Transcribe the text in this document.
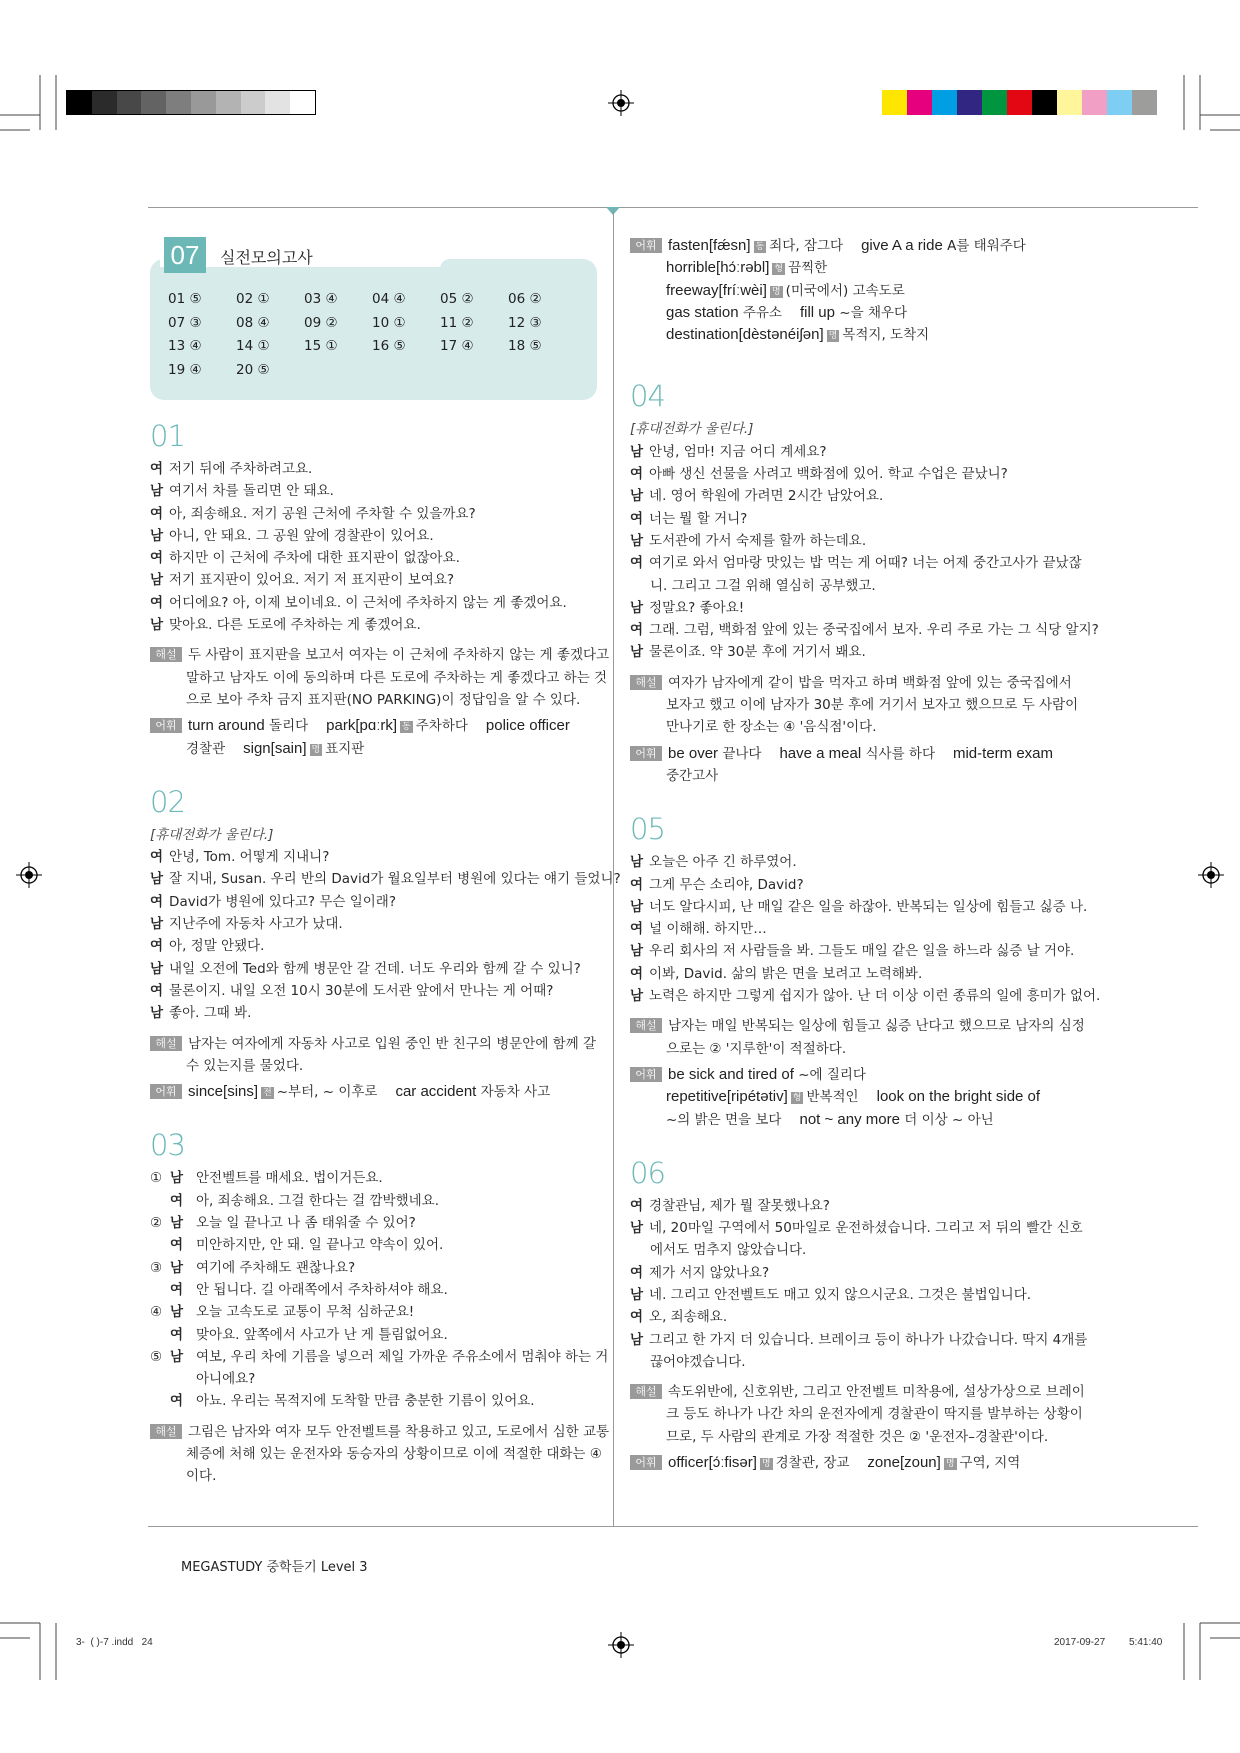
07	실전모의고사
01 ⑤	02 ①	03 ④	04 ④	05 ②	06 ②
07 ③	08 ④	09 ②	10 ①	11 ②	12 ③
13 ④	14 ①	15 ①	16 ⑤	17 ④	18 ⑤
19 ④	20 ⑤
01
여 저기 뒤에 주차하려고요.
남 여기서 차를 돌리면 안 돼요.
여 아, 죄송해요. 저기 공원 근처에 주차할 수 있을까요?
남 아니, 안 돼요. 그 공원 앞에 경찰관이 있어요.
여 하지만 이 근처에 주차에 대한 표지판이 없잖아요.
남 저기 표지판이 있어요. 저기 저 표지판이 보여요?
여 어디에요? 아, 이제 보이네요. 이 근처에 주차하지 않는 게 좋겠어요.
남 맞아요. 다른 도로에 주차하는 게 좋겠어요.
해설 두 사람이 표지판을 보고서 여자는 이 근처에 주차하지 않는 게 좋겠다고
말하고 남자도 이에 동의하며 다른 도로에 주차하는 게 좋겠다고 하는 것
으로 보아 주차 금지 표지판(NO PARKING)이 정답임을 알 수 있다.
어휘 turn around 돌리다 park[pɑːrk] 동 주차하다 police officer
경찰관 sign[sain] 명 표지판
02
[휴대전화가 울린다.]
여 안녕, Tom. 어떻게 지내니?
남 잘 지내, Susan. 우리 반의 David가 월요일부터 병원에 있다는 얘기 들었니?
여 David가 병원에 있다고? 무슨 일이래?
남 지난주에 자동차 사고가 났대.
여 아, 정말 안됐다.
남 내일 오전에 Ted와 함께 병문안 갈 건데. 너도 우리와 함께 갈 수 있니?
여 물론이지. 내일 오전 10시 30분에 도서관 앞에서 만나는 게 어때?
남 좋아. 그때 봐.
해설 남자는 여자에게 자동차 사고로 입원 중인 반 친구의 병문안에 함께 갈
수 있는지를 물었다.
어휘 since[sins] 전 ~부터, ~ 이후로 car accident 자동차 사고
03
① 남 안전벨트를 매세요. 법이거든요.
여 아, 죄송해요. 그걸 한다는 걸 깜박했네요.
② 남 오늘 일 끝나고 나 좀 태워줄 수 있어?
여 미안하지만, 안 돼. 일 끝나고 약속이 있어.
③ 남 여기에 주차해도 괜찮나요?
여 안 됩니다. 길 아래쪽에서 주차하셔야 해요.
④ 남 오늘 고속도로 교통이 무척 심하군요!
여 맞아요. 앞쪽에서 사고가 난 게 틀림없어요.
⑤ 남 여보, 우리 차에 기름을 넣으러 제일 가까운 주유소에서 멈춰야 하는 거
아니에요?
여 아뇨. 우리는 목적지에 도착할 만큼 충분한 기름이 있어요.
해설 그림은 남자와 여자 모두 안전벨트를 착용하고 있고, 도로에서 심한 교통
체증에 처해 있는 운전자와 동승자의 상황이므로 이에 적절한 대화는 ④
이다.
어휘 fasten[fǽsn] 동 죄다, 잠그다 give A a ride A를 태워주다
horrible[hɔ́ːrəbl] 형 끔찍한
freeway[fríːwèi] 명 (미국에서) 고속도로
gas station 주유소 fill up ~을 채우다
destination[dèstənéiʃən] 명 목적지, 도착지
04
[휴대전화가 울린다.]
남 안녕, 엄마! 지금 어디 계세요?
여 아빠 생신 선물을 사려고 백화점에 있어. 학교 수업은 끝났니?
남 네. 영어 학원에 가려면 2시간 남았어요.
여 너는 뭘 할 거니?
남 도서관에 가서 숙제를 할까 하는데요.
여 여기로 와서 엄마랑 맛있는 밥 먹는 게 어때? 너는 어제 중간고사가 끝났잖
니. 그리고 그걸 위해 열심히 공부했고.
남 정말요? 좋아요!
여 그래. 그럼, 백화점 앞에 있는 중국집에서 보자. 우리 주로 가는 그 식당 알지?
남 물론이죠. 약 30분 후에 거기서 봬요.
해설 여자가 남자에게 같이 밥을 먹자고 하며 백화점 앞에 있는 중국집에서
보자고 했고 이에 남자가 30분 후에 거기서 보자고 했으므로 두 사람이
만나기로 한 장소는 ④ '음식점'이다.
어휘 be over 끝나다 have a meal 식사를 하다 mid-term exam
중간고사
05
남 오늘은 아주 긴 하루였어.
여 그게 무슨 소리야, David?
남 너도 알다시피, 난 매일 같은 일을 하잖아. 반복되는 일상에 힘들고 싫증 나.
여 널 이해해. 하지만…
남 우리 회사의 저 사람들을 봐. 그들도 매일 같은 일을 하느라 싫증 날 거야.
여 이봐, David. 삶의 밝은 면을 보려고 노력해봐.
남 노력은 하지만 그렇게 쉽지가 않아. 난 더 이상 이런 종류의 일에 흥미가 없어.
해설 남자는 매일 반복되는 일상에 힘들고 싫증 난다고 했으므로 남자의 심정
으로는 ② '지루한'이 적절하다.
어휘 be sick and tired of ~에 질리다
repetitive[ripétətiv] 형 반복적인 look on the bright side of
~의 밝은 면을 보다 not ~ any more 더 이상 ~ 아닌
06
여 경찰관님, 제가 뭘 잘못했나요?
남 네, 20마일 구역에서 50마일로 운전하셨습니다. 그리고 저 뒤의 빨간 신호
에서도 멈추지 않았습니다.
여 제가 서지 않았나요?
남 네. 그리고 안전벨트도 매고 있지 않으시군요. 그것은 불법입니다.
여 오, 죄송해요.
남 그리고 한 가지 더 있습니다. 브레이크 등이 하나가 나갔습니다. 딱지 4개를
끊어야겠습니다.
해설 속도위반에, 신호위반, 그리고 안전벨트 미착용에, 설상가상으로 브레이
크 등도 하나가 나간 차의 운전자에게 경찰관이 딱지를 발부하는 상황이
므로, 두 사람의 관계로 가장 적절한 것은 ② '운전자–경찰관'이다.
어휘 officer[ɔ́ːfisər] 명 경찰관, 장교 zone[zoun] 명 구역, 지역
MEGASTUDY 중학듣기 Level 3
3-  ( )-7 .indd   24	2017-09-27 5:41:40
